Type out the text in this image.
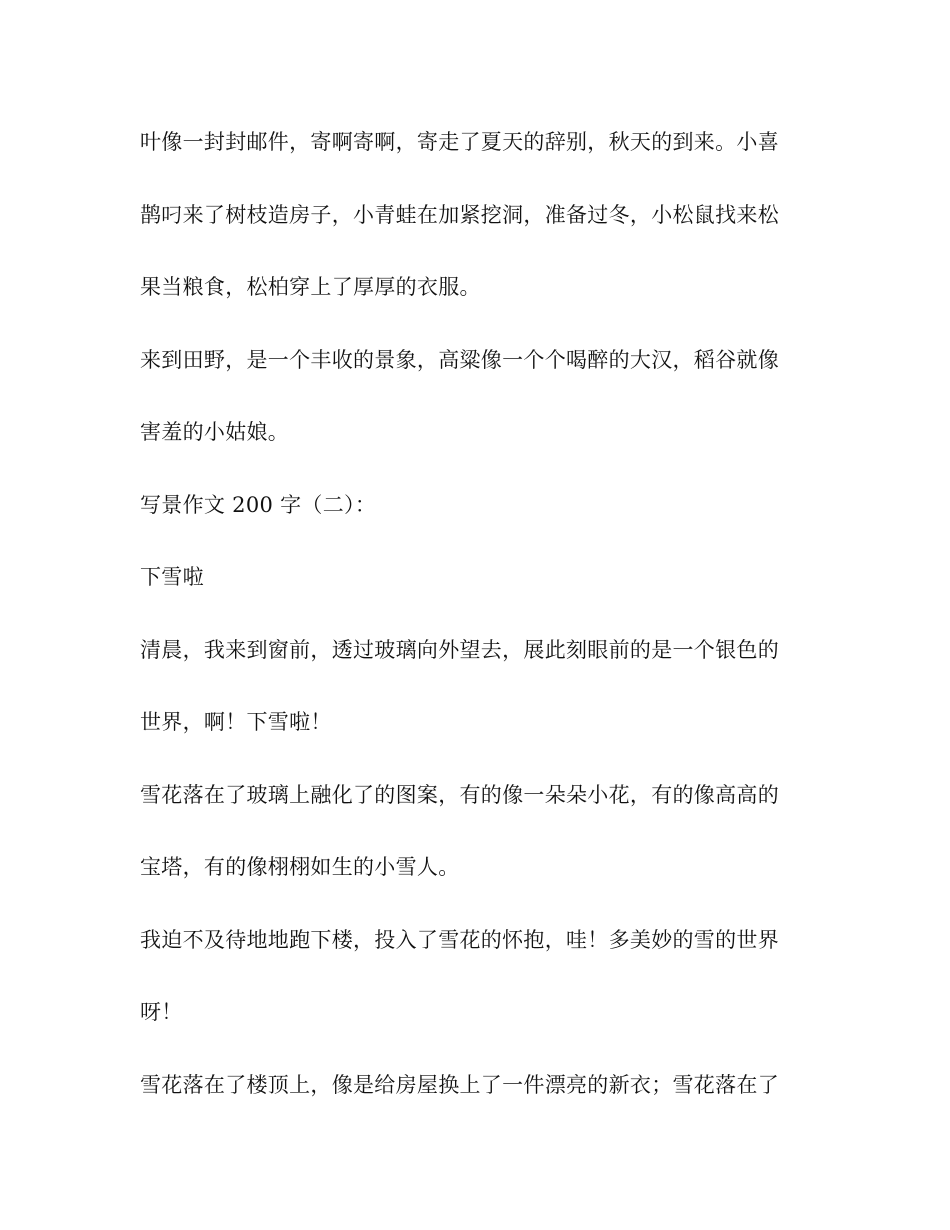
叶像一封封邮件，寄啊寄啊，寄走了夏天的辞别，秋天的到来。小喜
鹊叼来了树枝造房子，小青蛙在加紧挖洞，准备过冬，小松鼠找来松
果当粮食，松柏穿上了厚厚的衣服。
来到田野，是一个丰收的景象，高粱像一个个喝醉的大汉，稻谷就像
害羞的小姑娘。
写景作文 200 字（二）：
下雪啦
清晨，我来到窗前，透过玻璃向外望去，展此刻眼前的是一个银色的
世界，啊！下雪啦！
雪花落在了玻璃上融化了的图案，有的像一朵朵小花，有的像高高的
宝塔，有的像栩栩如生的小雪人。
我迫不及待地地跑下楼，投入了雪花的怀抱，哇！多美妙的雪的世界
呀！
雪花落在了楼顶上，像是给房屋换上了一件漂亮的新衣；雪花落在了
